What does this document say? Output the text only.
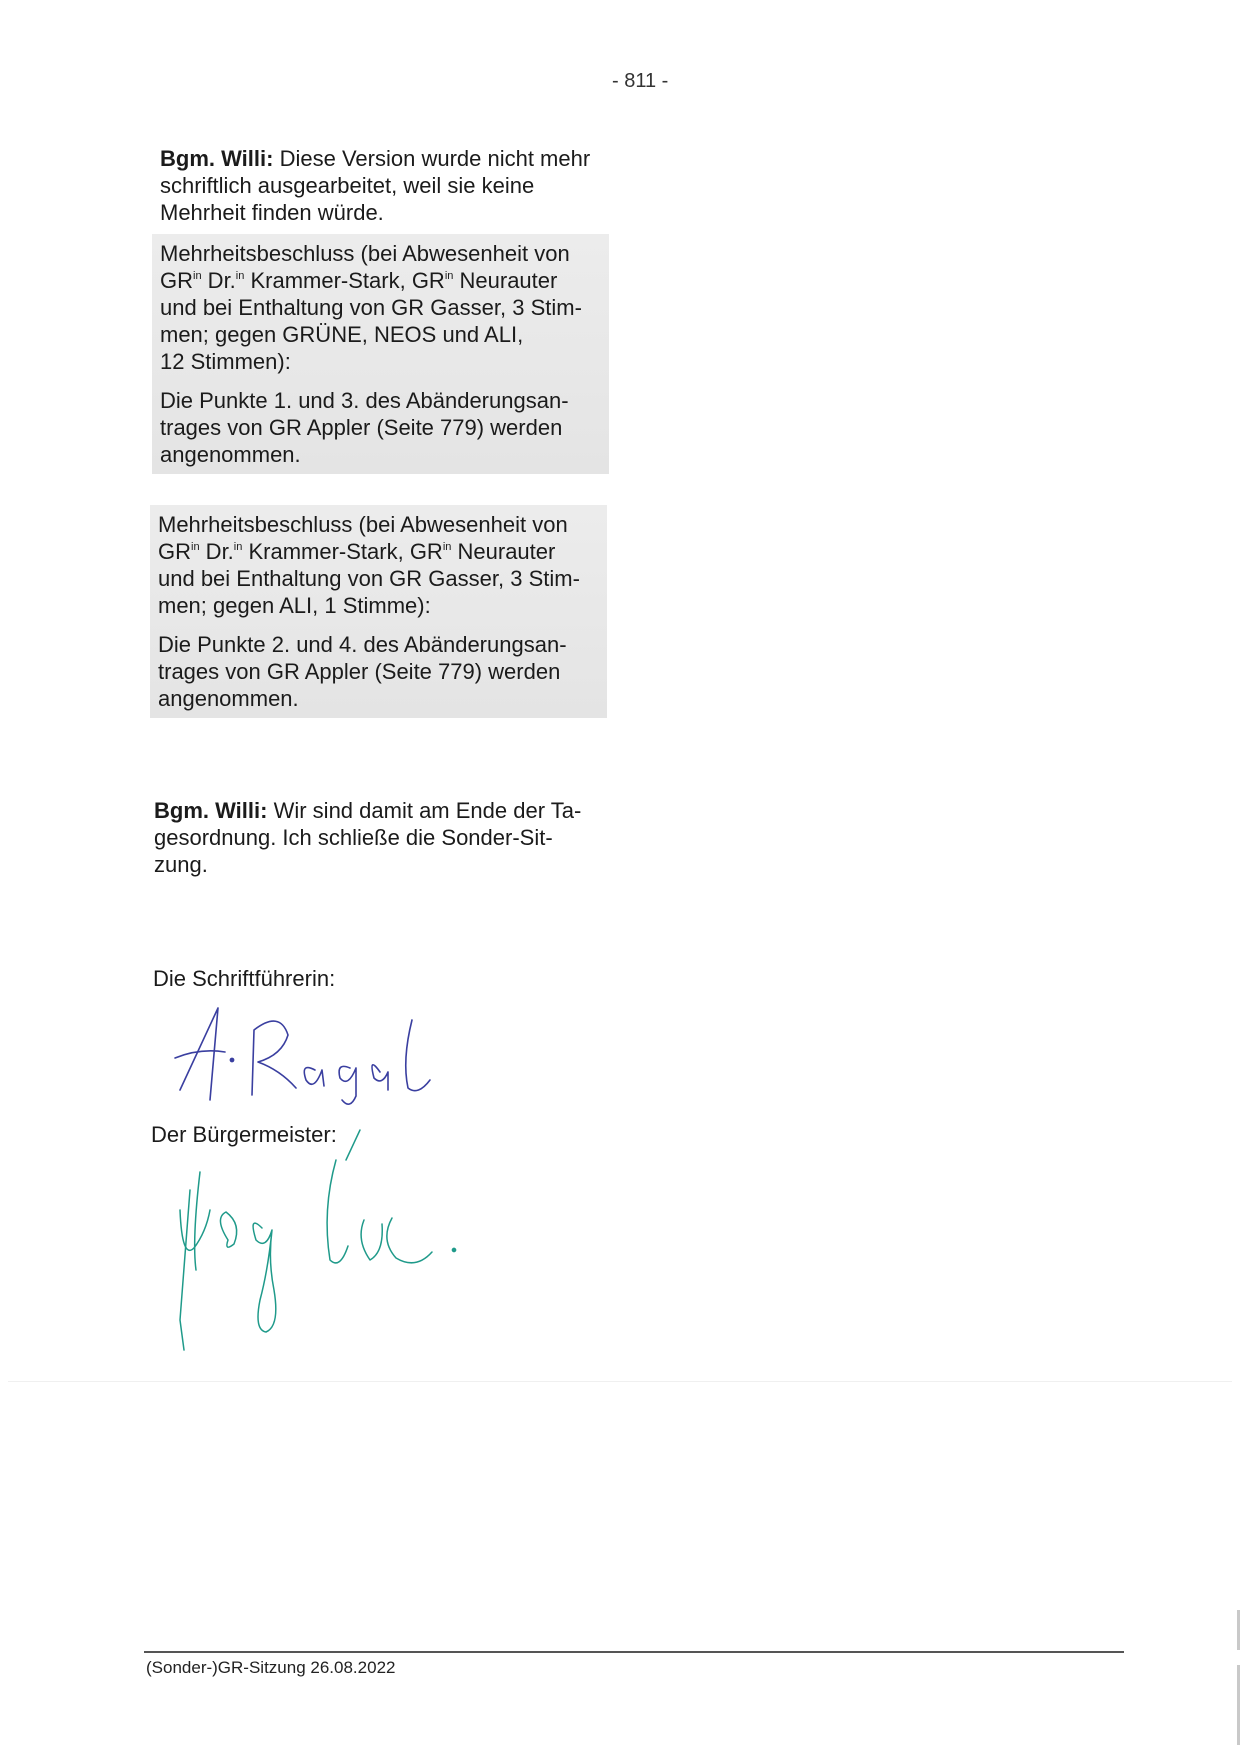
- 811 -
Bgm. Willi: Diese Version wurde nicht mehr schriftlich ausgearbeitet, weil sie keine Mehrheit finden würde.

Mehrheitsbeschluss (bei Abwesenheit von
$GR^{in}$ Dr.$^{in}$ Krammer-Stark, $GR^{in}$ Neurauter
und bei Enthaltung von GR Gasser, 3 Stim-
men; gegen GRÜNE, NEOS und ALI,
12 Stimmen):

Die Punkte 1. und 3. des Abänderungsan- trages von GR Appler (Seite 779) werden angenommen.

Mehrheitsbeschluss (bei Abwesenheit von
$GR^{in}$ Dr.$^{in}$ Krammer-Stark, $GR^{in}$ Neurauter
und bei Enthaltung von GR Gasser, 3 Stim-
men; gegen ALI, 1 Stimme):

Die Punkte 2. und 4. des Abänderungsan- trages von GR Appler (Seite 779) werden angenommen.

Bgm. Willi: Wir sind damit am Ende der Ta- gesordnung. Ich schließe die Sonder-Sit- zung.
Die Schriftführerin:
Der Bürgermeister:
(Sonder-)GR-Sitzung 26.08.2022
